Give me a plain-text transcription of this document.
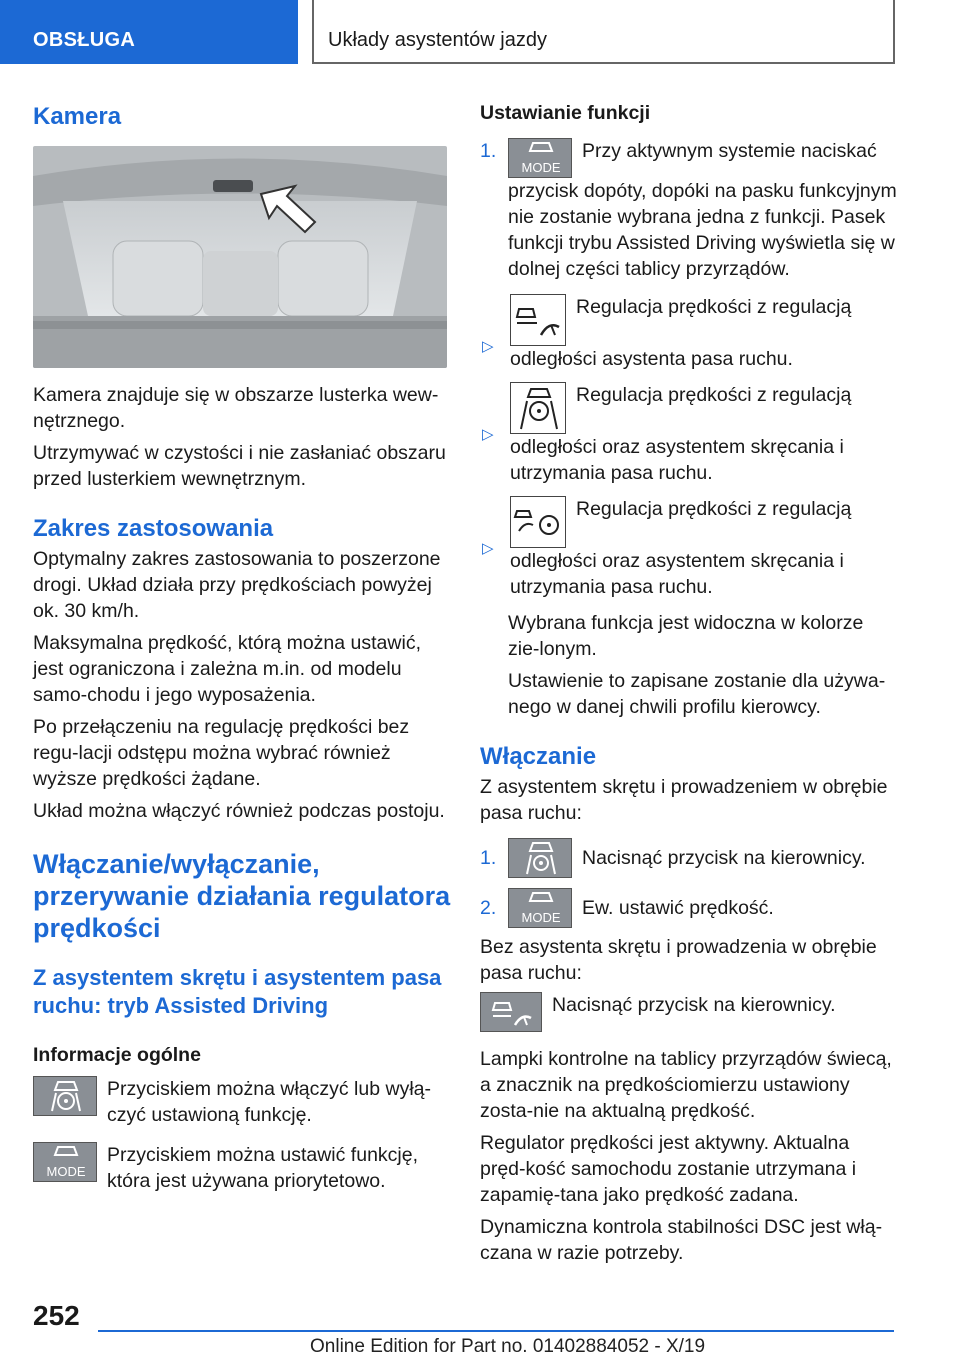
OBSŁUGA	Układy asystentów jazdy
Kamera

Kamera znajduje się w obszarze lusterka wew-nętrznego.

Utrzymywać w czystości i nie zasłaniać obszaru przed lusterkiem wewnętrznym.

Zakres zastosowania

Optymalny zakres zastosowania to poszerzone drogi. Układ działa przy prędkościach powyżej ok. 30 km/h.

Maksymalna prędkość, którą można ustawić, jest ograniczona i zależna m.in. od modelu samo-chodu i jego wyposażenia.

Po przełączeniu na regulację prędkości bez regu-lacji odstępu można wybrać również wyższe prędkości żądane.

Układ można włączyć również podczas postoju.

Włączanie/wyłączanie, przerywanie działania regulatora prędkości
Z asystentem skrętu i asystentem pasa ruchu: tryb Assisted Driving
Informacje ogólne
Przyciskiem można włączyć lub wyłą-czyć ustawioną funkcję.
MODE
Przyciskiem można ustawić funkcję, która jest używana priorytetowo.
Ustawianie funkcji
1.
MODE
Przy aktywnym systemie naciskać przycisk dopóty, dopóki na pasku funkcyjnym nie zostanie wybrana jedna z funkcji. Pasek funkcji trybu Assisted Driving wyświetla się w dolnej części tablicy przyrządów.
▷
Regulacja prędkości z regulacją odległości asystenta pasa ruchu.
▷
Regulacja prędkości z regulacją odległości oraz asystentem skręcania i utrzymania pasa ruchu.
▷
Regulacja prędkości z regulacją odległości oraz asystentem skręcania i utrzymania pasa ruchu.

Wybrana funkcja jest widoczna w kolorze zie-lonym.

Ustawienie to zapisane zostanie dla używa-nego w danej chwili profilu kierowcy.

Włączanie

Z asystentem skrętu i prowadzeniem w obrębie pasa ruchu:

1.	Nacisnąć przycisk na kierownicy.
2.	MODE Ew. ustawić prędkość.

Bez asystenta skrętu i prowadzenia w obrębie pasa ruchu:

Nacisnąć przycisk na kierownicy.

Lampki kontrolne na tablicy przyrządów świecą, a znacznik na prędkościomierzu ustawiony zosta-nie na aktualną prędkość.

Regulator prędkości jest aktywny. Aktualna pręd-kość samochodu zostanie utrzymana i zapamię-tana jako prędkość zadana.

Dynamiczna kontrola stabilności DSC jest włą-czana w razie potrzeby.

252
Online Edition for Part no. 01402884052 - X/19
